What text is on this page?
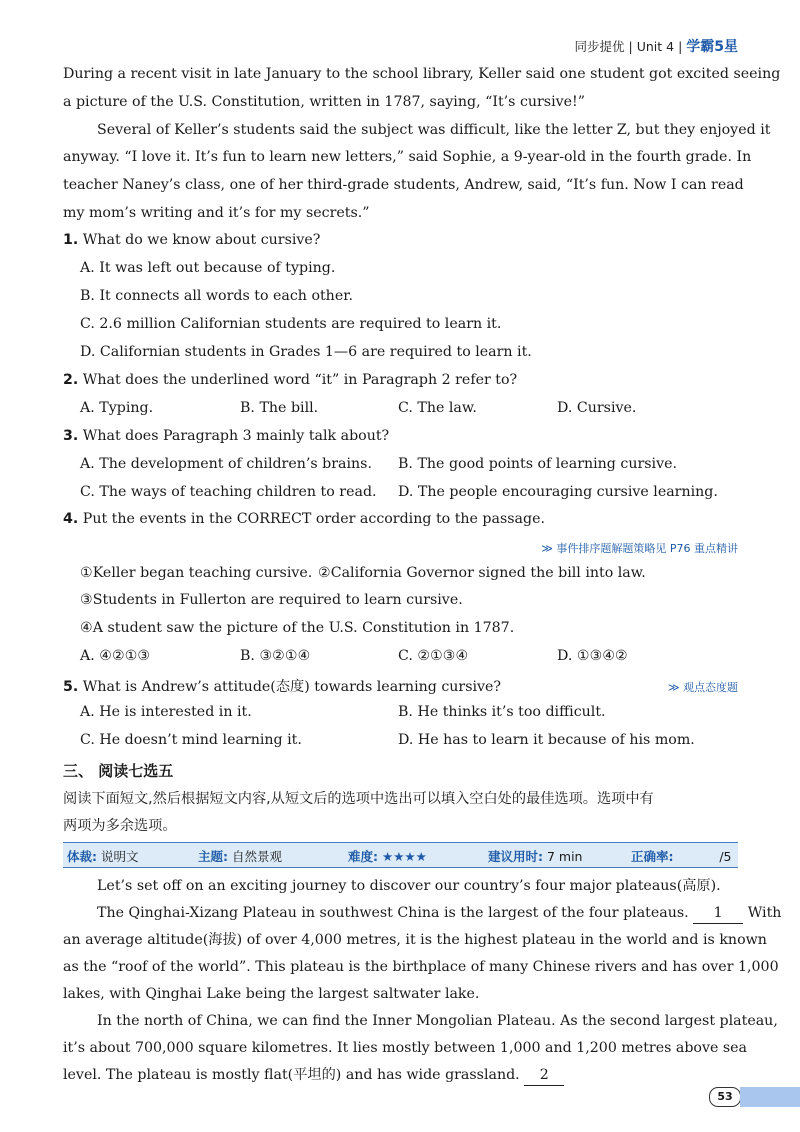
同步提优 | Unit 4 | 学霸5星
During a recent visit in late January to the school library, Keller said one student got excited seeing
a picture of the U.S. Constitution, written in 1787, saying, “It’s cursive!”
Several of Keller’s students said the subject was difficult, like the letter Z, but they enjoyed it
anyway. “I love it. It’s fun to learn new letters,” said Sophie, a 9-year-old in the fourth grade. In
teacher Naney’s class, one of her third-grade students, Andrew, said, “It’s fun. Now I can read
my mom’s writing and it’s for my secrets.”
1. What do we know about cursive?
A. It was left out because of typing.
B. It connects all words to each other.
C. 2.6 million Californian students are required to learn it.
D. Californian students in Grades 1—6 are required to learn it.
2. What does the underlined word “it” in Paragraph 2 refer to?
A. Typing.	B. The bill.	C. The law.	D. Cursive.
3. What does Paragraph 3 mainly talk about?
A. The development of children’s brains. B. The good points of learning cursive.
C. The ways of teaching children to read. D. The people encouraging cursive learning.
4. Put the events in the CORRECT order according to the passage.
≫ 事件排序题解题策略见 P76 重点精讲
①Keller began teaching cursive. ②California Governor signed the bill into law.
③Students in Fullerton are required to learn cursive.
④A student saw the picture of the U.S. Constitution in 1787.
A. ④②①③	B. ③②①④	C. ②①③④	D. ①③④②
5. What is Andrew’s attitude(态度) towards learning cursive?	≫ 观点态度题
A. He is interested in it.	B. He thinks it’s too difficult.
C. He doesn’t mind learning it.	D. He has to learn it because of his mom.
三、 阅读七选五
阅读下面短文,然后根据短文内容,从短文后的选项中选出可以填入空白处的最佳选项。选项中有
两项为多余选项。
体裁: 说明文	主题: 自然景观	难度: ★★★★	建议用时: 7 min	正确率:	/5
Let’s set off on an exciting journey to discover our country’s four major plateaus(高原).
The Qinghai-Xizang Plateau in southwest China is the largest of the four plateaus. 1 With
an average altitude(海拔) of over 4,000 metres, it is the highest plateau in the world and is known
as the “roof of the world”. This plateau is the birthplace of many Chinese rivers and has over 1,000
lakes, with Qinghai Lake being the largest saltwater lake.
In the north of China, we can find the Inner Mongolian Plateau. As the second largest plateau,
it’s about 700,000 square kilometres. It lies mostly between 1,000 and 1,200 metres above sea
level. The plateau is mostly flat(平坦的) and has wide grassland. 2
53
